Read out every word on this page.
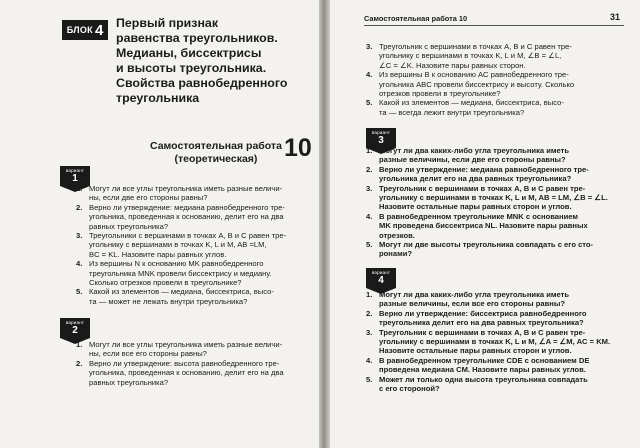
БЛОК 4 Первый признак
равенства треугольников.
Медианы, биссектрисы
и высоты треугольника.
Свойства равнобедренного
треугольника
Самостоятельная работа
(теоретическая)	10
вариант
1
1. Могут ли все углы треугольника иметь разные величи-
ны, если две его стороны равны?
2. Верно ли утверждение: медиана равнобедренного тре-
угольника, проведенная к основанию, делит его на два
равных треугольника?
3. Треугольники с вершинами в точках A, B и C равен тре-
угольнику с вершинами в точках K, L и M, AB =LM,
BC = KL. Назовите пары равных углов.
4. Из вершины N к основанию MK равнобедренного
треугольника MNK провели биссектрису и медиану.
Сколько отрезков провели в треугольнике?
5. Какой из элементов — медиана, биссектриса, высо-
та — может не лежать внутри треугольника?
вариант
2
1. Могут ли все углы треугольника иметь разные величи-
ны, если все его стороны равны?
2. Верно ли утверждение: высота равнобедренного тре-
угольника, проведенная к основанию, делит его на два
равных треугольника?
Самостоятельная работа 10	31
3. Треугольник с вершинами в точках A, B и C равен тре-
угольнику с вершинами в точках K, L и M, ∠B = ∠L,
∠C = ∠K. Назовите пары равных сторон.
4. Из вершины B к основанию AC равнобедренного тре-
угольника ABC провели биссектрису и высоту. Сколько
отрезков провели в треугольнике?
5. Какой из элементов — медиана, биссектриса, высо-
та — всегда лежит внутри треугольника?
вариант
3
1. Могут ли два каких-либо угла треугольника иметь
разные величины, если две его стороны равны?
2. Верно ли утверждение: медиана равнобедренного тре-
угольника делит его на два равных треугольника?
3. Треугольник с вершинами в точках A, B и C равен тре-
угольнику с вершинами в точках K, L и M, AB = LM, ∠B = ∠L.
Назовите остальные пары равных сторон и углов.
4. В равнобедренном треугольнике MNK с основанием
MK проведена биссектриса NL. Назовите пары равных
отрезков.
5. Могут ли две высоты треугольника совпадать с его сто-
ронами?
вариант
4
1. Могут ли два каких-либо угла треугольника иметь
разные величины, если все его стороны равны?
2. Верно ли утверждение: биссектриса равнобедренного
треугольника делит его на два равных треугольника?
3. Треугольник с вершинами в точках A, B и C равен тре-
угольнику с вершинами в точках K, L и M, ∠A = ∠M, AC = KM.
Назовите остальные пары равных сторон и углов.
4. В равнобедренном треугольнике CDE с основанием DE
проведена медиана CM. Назовите пары равных углов.
5. Может ли только одна высота треугольника совпадать
с его стороной?
